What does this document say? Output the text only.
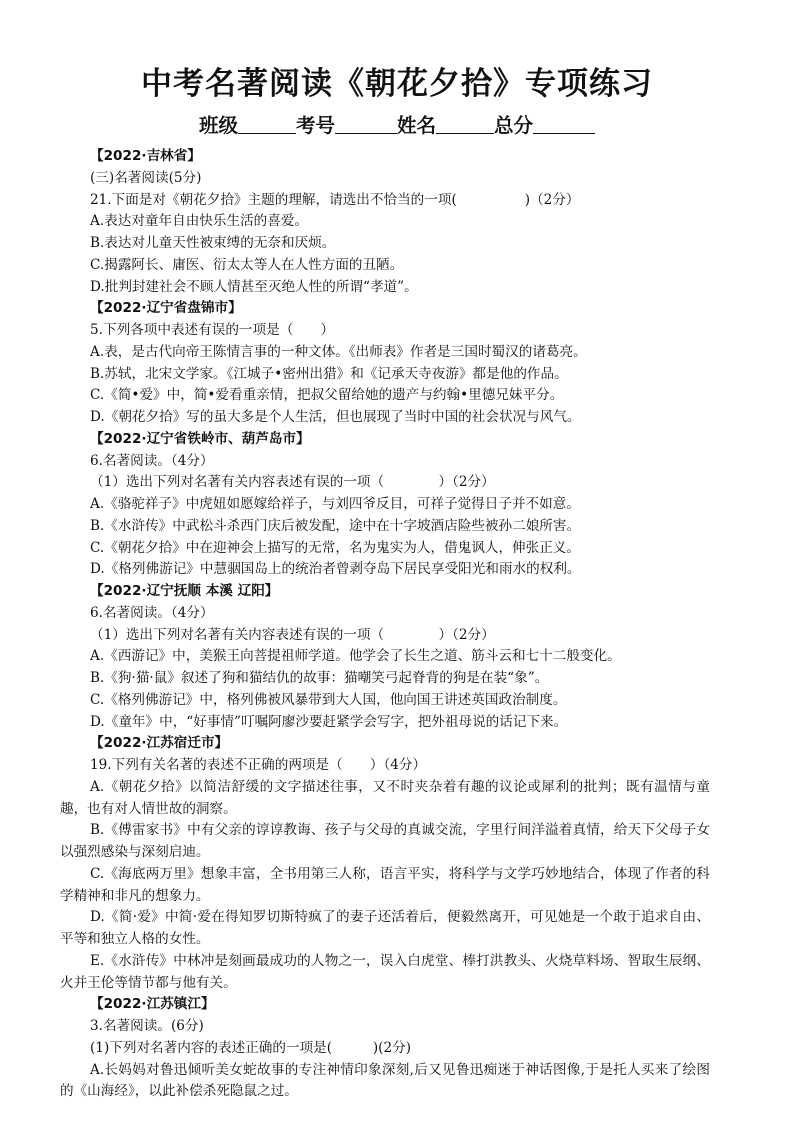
中考名著阅读《朝花夕拾》专项练习
班级	考号	姓名	总分
【2022·吉林省】
(三)名著阅读(5分)
21.下面是对《朝花夕拾》主题的理解，请选出不恰当的一项(　　　　　)（2分）
A.表达对童年自由快乐生活的喜爱。
B.表达对儿童天性被束缚的无奈和厌烦。
C.揭露阿长、庸医、衍太太等人在人性方面的丑陋。
D.批判封建社会不顾人情甚至灭绝人性的所谓“孝道”。
【2022·辽宁省盘锦市】
5.下列各项中表述有误的一项是（　　）
A.表，是古代向帝王陈情言事的一种文体。《出师表》作者是三国时蜀汉的诸葛亮。
B.苏轼，北宋文学家。《江城子•密州出猎》和《记承天寺夜游》都是他的作品。
C.《简•爱》中，简•爱看重亲情，把叔父留给她的遗产与约翰•里德兄妹平分。
D.《朝花夕拾》写的虽大多是个人生活，但也展现了当时中国的社会状况与风气。
【2022·辽宁省铁岭市、葫芦岛市】
6.名著阅读。（4分）
（1）选出下列对名著有关内容表述有误的一项（　　　　）（2分）
A.《骆驼祥子》中虎妞如愿嫁给祥子，与刘四爷反目，可祥子觉得日子并不如意。
B.《水浒传》中武松斗杀西门庆后被发配，途中在十字坡酒店险些被孙二娘所害。
C.《朝花夕拾》中在迎神会上描写的无常，名为鬼实为人，借鬼讽人，伸张正义。
D.《格列佛游记》中慧骃国岛上的统治者曾剥夺岛下居民享受阳光和雨水的权利。
【2022·辽宁抚顺 本溪 辽阳】
6.名著阅读。（4分）
（1）选出下列对名著有关内容表述有误的一项（　　　　）（2分）
A.《西游记》中，美猴王向菩提祖师学道。他学会了长生之道、筋斗云和七十二般变化。
B.《狗·猫·鼠》叙述了狗和猫结仇的故事：猫嘲笑弓起脊背的狗是在装“象”。
C.《格列佛游记》中，格列佛被风暴带到大人国，他向国王讲述英国政治制度。
D.《童年》中，“好事情”叮嘱阿廖沙要赶紧学会写字，把外祖母说的话记下来。
【2022·江苏宿迁市】
19.下列有关名著的表述不正确的两项是（　　）（4分）
A.《朝花夕拾》以简洁舒缓的文字描述往事，又不时夹杂着有趣的议论或犀利的批判；既有温情与童趣，也有对人情世故的洞察。
B.《傅雷家书》中有父亲的谆谆教诲、孩子与父母的真诚交流，字里行间洋溢着真情，给天下父母子女以强烈感染与深刻启迪。
C.《海底两万里》想象丰富，全书用第三人称，语言平实，将科学与文学巧妙地结合，体现了作者的科学精神和非凡的想象力。
D.《简·爱》中简·爱在得知罗切斯特疯了的妻子还活着后，便毅然离开，可见她是一个敢于追求自由、平等和独立人格的女性。
E.《水浒传》中林冲是刻画最成功的人物之一，误入白虎堂、棒打洪教头、火烧草料场、智取生辰纲、火并王伦等情节都与他有关。
【2022·江苏镇江】
3.名著阅读。(6分)
(1)下列对名著内容的表述正确的一项是(　　　)(2分)
A.长妈妈对鲁迅倾听美女蛇故事的专注神情印象深刻,后又见鲁迅痴迷于神话图像,于是托人买来了绘图的《山海经》，以此补偿杀死隐鼠之过。
